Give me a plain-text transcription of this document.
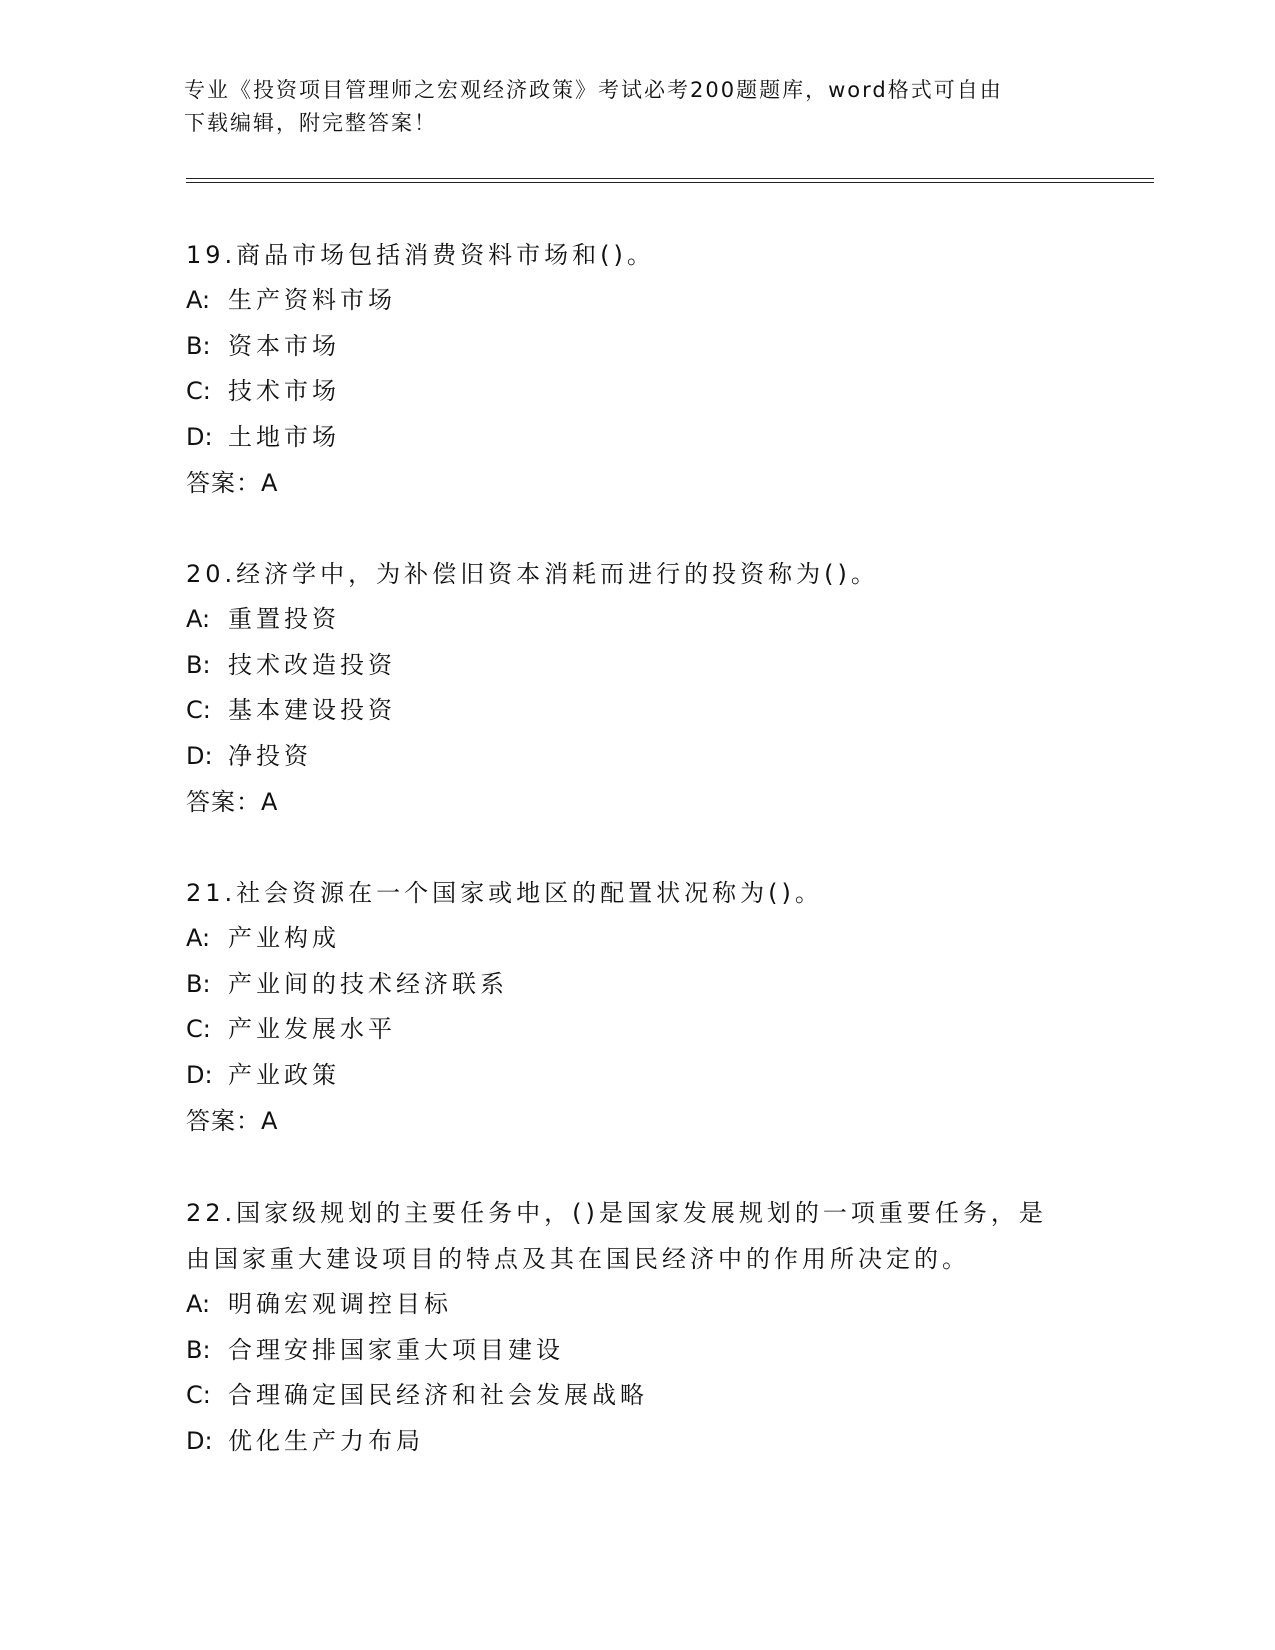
专业《投资项目管理师之宏观经济政策》考试必考200题题库，word格式可自由
下载编辑，附完整答案！

19.商品市场包括消费资料市场和()。

A: 生产资料市场

B: 资本市场

C: 技术市场

D: 土地市场

答案：A

20.经济学中，为补偿旧资本消耗而进行的投资称为()。

A: 重置投资

B: 技术改造投资

C: 基本建设投资

D: 净投资

答案：A

21.社会资源在一个国家或地区的配置状况称为()。

A: 产业构成

B: 产业间的技术经济联系

C: 产业发展水平

D: 产业政策

答案：A

22.国家级规划的主要任务中，()是国家发展规划的一项重要任务，是

由国家重大建设项目的特点及其在国民经济中的作用所决定的。

A: 明确宏观调控目标

B: 合理安排国家重大项目建设

C: 合理确定国民经济和社会发展战略

D: 优化生产力布局
